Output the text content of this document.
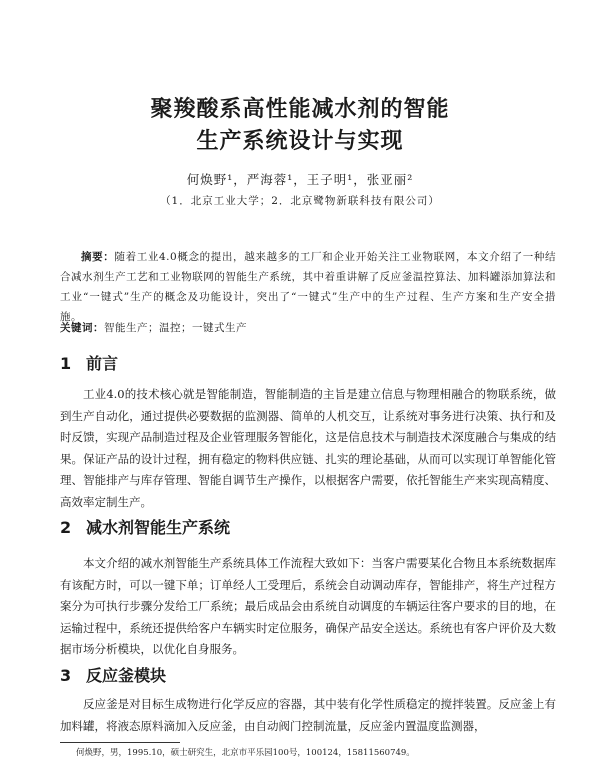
聚羧酸系高性能减水剂的智能
生产系统设计与实现
何焕野¹，严海蓉¹，王子明¹，张亚丽²
（1．北京工业大学；2．北京鹭物新联科技有限公司）
摘要：随着工业4.0概念的提出，越来越多的工厂和企业开始关注工业物联网，本文介绍了一种结合减水剂生产工艺和工业物联网的智能生产系统，其中着重讲解了反应釜温控算法、加料罐添加算法和工业“一键式”生产的概念及功能设计，突出了“一键式”生产中的生产过程、生产方案和生产安全措施。
关键词：智能生产；温控；一键式生产
1 前言
工业4.0的技术核心就是智能制造，智能制造的主旨是建立信息与物理相融合的物联系统，做到生产自动化，通过提供必要数据的监测器、简单的人机交互，让系统对事务进行决策、执行和及时反馈，实现产品制造过程及企业管理服务智能化，这是信息技术与制造技术深度融合与集成的结果。保证产品的设计过程，拥有稳定的物料供应链、扎实的理论基础，从而可以实现订单智能化管理、智能排产与库存管理、智能自调节生产操作，以根据客户需要，依托智能生产来实现高精度、高效率定制生产。
2 减水剂智能生产系统
本文介绍的减水剂智能生产系统具体工作流程大致如下：当客户需要某化合物且本系统数据库有该配方时，可以一键下单；订单经人工受理后，系统会自动调动库存，智能排产，将生产过程方案分为可执行步骤分发给工厂系统；最后成品会由系统自动调度的车辆运往客户要求的目的地，在运输过程中，系统还提供给客户车辆实时定位服务，确保产品安全送达。系统也有客户评价及大数据市场分析模块，以优化自身服务。
3 反应釜模块
反应釜是对目标生成物进行化学反应的容器，其中装有化学性质稳定的搅拌装置。反应釜上有加料罐，将液态原料滴加入反应釜，由自动阀门控制流量，反应釜内置温度监测器，
何焕野，男，1995.10，硕士研究生，北京市平乐园100号，100124，15811560749。
